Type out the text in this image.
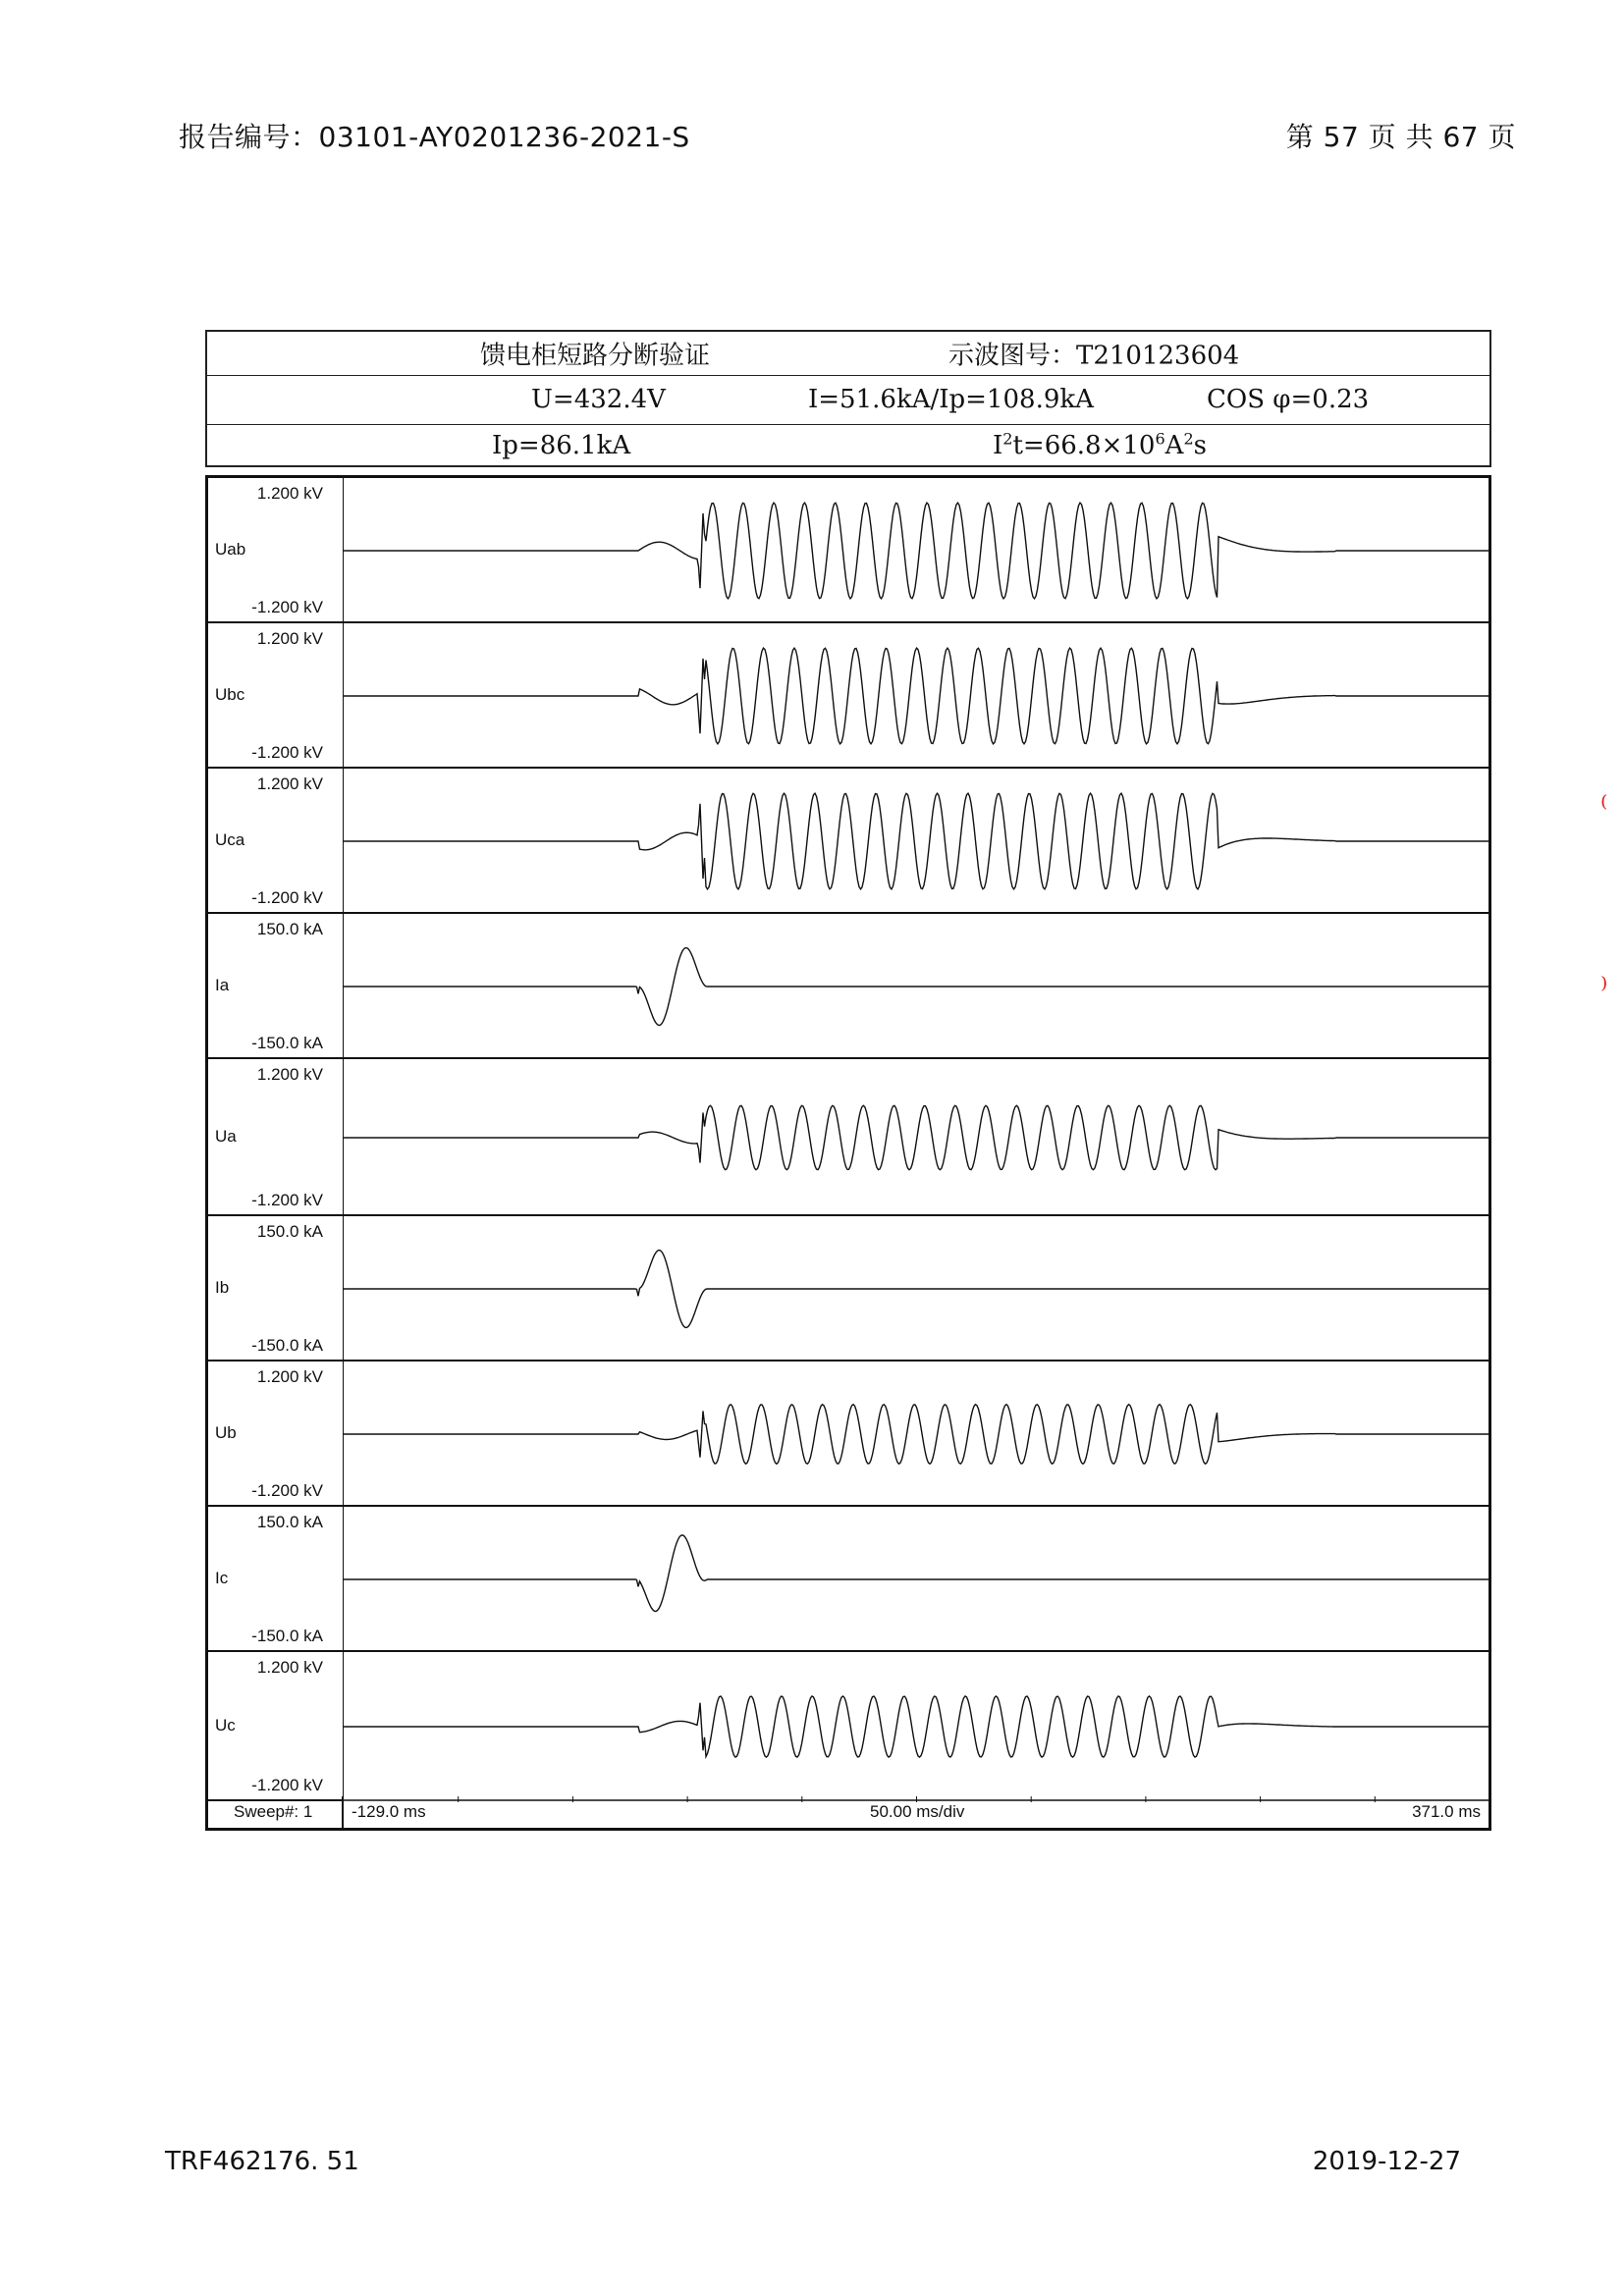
报告编号：03101-AY0201236-2021-S	第 57 页 共 67 页
馈电柜短路分断验证	示波图号：T210123604
U=432.4V	I=51.6kA/Ip=108.9kA	COS φ=0.23
Ip=86.1kA	$I^2t=66.8\times 10^6A^2s$
1.200 kV
Uab
-1.200 kV
1.200 kV
Ubc
-1.200 kV
1.200 kV
Uca
-1.200 kV
150.0 kA
Ia
-150.0 kA
1.200 kV
Ua
-1.200 kV
150.0 kA
Ib
-150.0 kA
1.200 kV
Ub
-1.200 kV
150.0 kA
Ic
-150.0 kA
1.200 kV
Uc
-1.200 kV
Sweep#: 1 -129.0 ms	50.00 ms/div	371.0 ms
⁽
⁾
TRF462176. 51	2019-12-27
